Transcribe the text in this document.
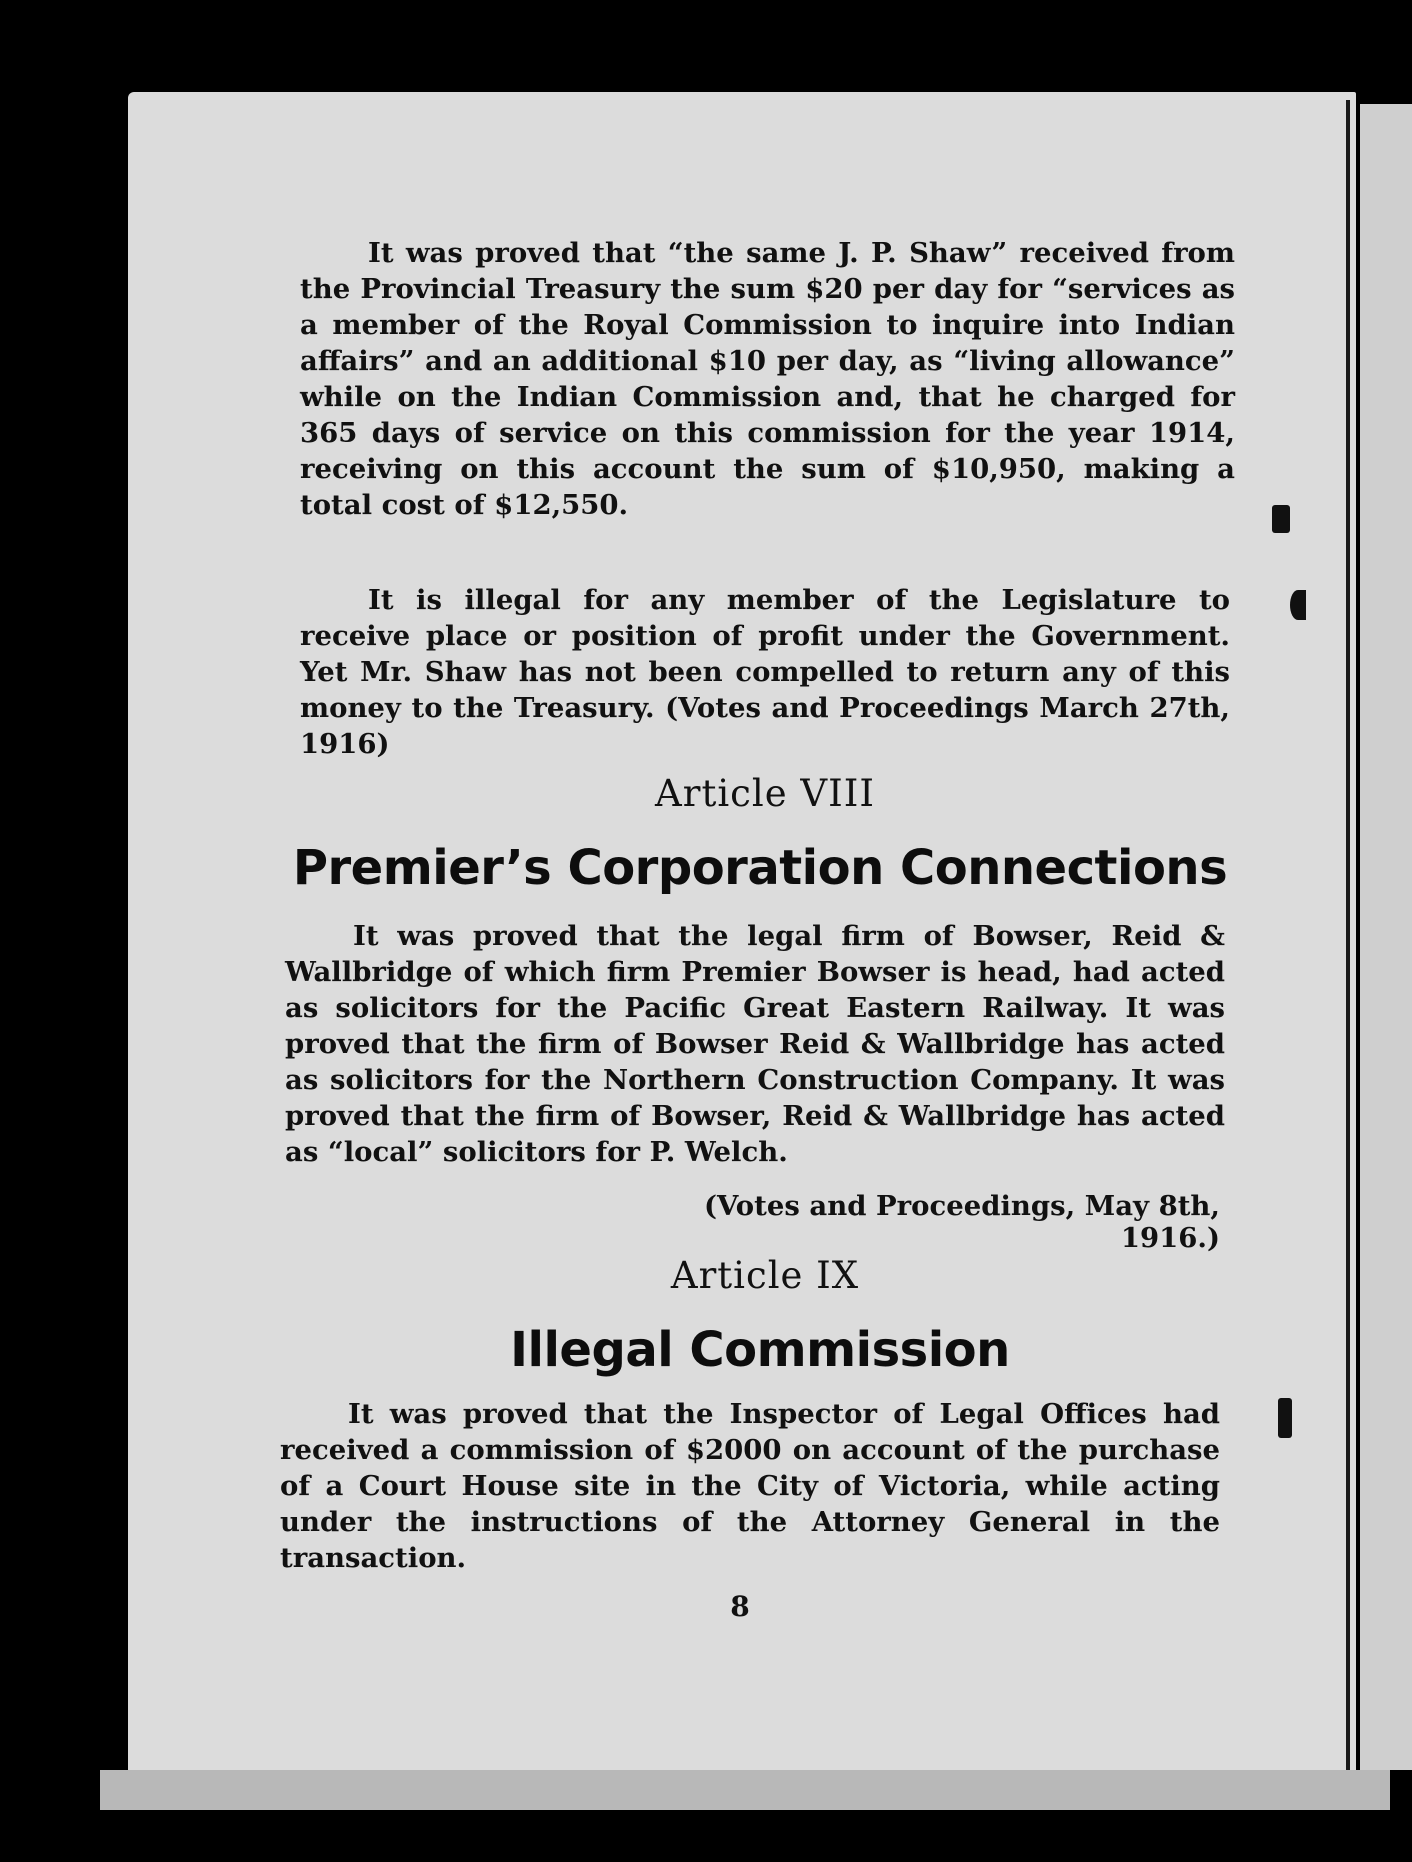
It was proved that “the same J. P. Shaw” received from the Provincial Treasury the sum $20 per day for “services as a member of the Royal Commission to inquire into Indian affairs” and an additional $10 per day, as “living allowance” while on the Indian Commission and, that he charged for 365 days of service on this commission for the year 1914, receiving on this account the sum of $10,950, making a total cost of $12,550.
It is illegal for any member of the Legislature to receive place or position of profit under the Government. Yet Mr. Shaw has not been compelled to return any of this money to the Treasury. (Votes and Proceedings March 27th, 1916)
Article VIII
Premier’s Corporation Connections
It was proved that the legal firm of Bowser, Reid & Wallbridge of which firm Premier Bowser is head, had acted as solicitors for the Pacific Great Eastern Railway. It was proved that the firm of Bowser Reid & Wallbridge has acted as solicitors for the Northern Construction Company. It was proved that the firm of Bowser, Reid & Wallbridge has acted as “local” solicitors for P. Welch.
(Votes and Proceedings, May 8th, 1916.)
Article IX
Illegal Commission
It was proved that the Inspector of Legal Offices had received a commission of $2000 on account of the purchase of a Court House site in the City of Victoria, while acting under the instructions of the Attorney General in the transaction.
8
